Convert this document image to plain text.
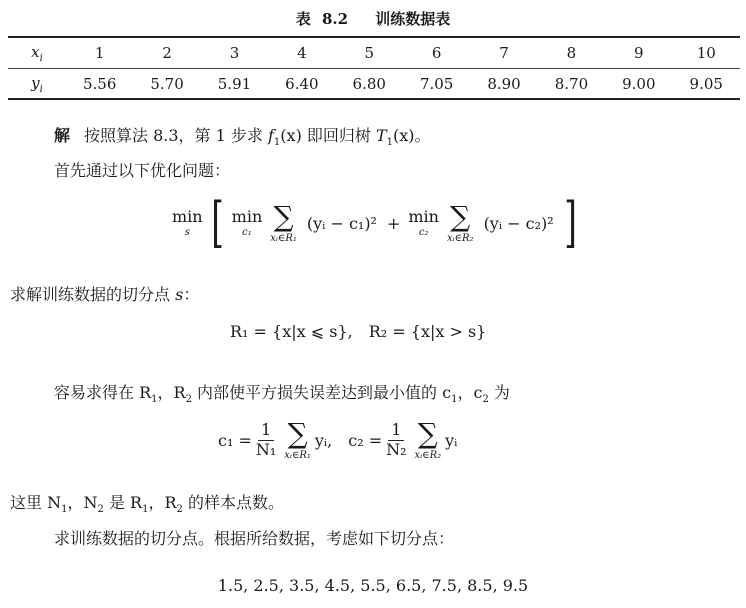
表 8.2 训练数据表
$x_i$	1	2	3	4	5	6	7	8	9	10
$y_i$	5.56	5.70	5.91	6.40	6.80	7.05	8.90	8.70	9.00	9.05
解 按照算法 8.3，第 1 步求 $f_1(x)$ 即回归树 $T_1(x)$。
首先通过以下优化问题：
min
s [ min
c₁ ∑
xᵢ∈R₁
(yᵢ − c₁)² + min
c₂ ∑
xᵢ∈R₂
(yᵢ − c₂)² ]
求解训练数据的切分点 s：
R₁ = {x|x ⩽ s}, R₂ = {x|x > s}
容易求得在 $R_1$，$R_2$ 内部使平方损失误差达到最小值的 $c_1$，$c_2$ 为
$c_1 = \frac{1}{\text{N₁}}$ ∑
xᵢ∈R₁
yᵢ, $c_2 = \frac{1}{\text{N₂}}$ ∑
xᵢ∈R₂
yᵢ
这里 $N_1$，$N_2$ 是 $R_1$，$R_2$ 的样本点数。
求训练数据的切分点。根据所给数据，考虑如下切分点：
1.5, 2.5, 3.5, 4.5, 5.5, 6.5, 7.5, 8.5, 9.5
